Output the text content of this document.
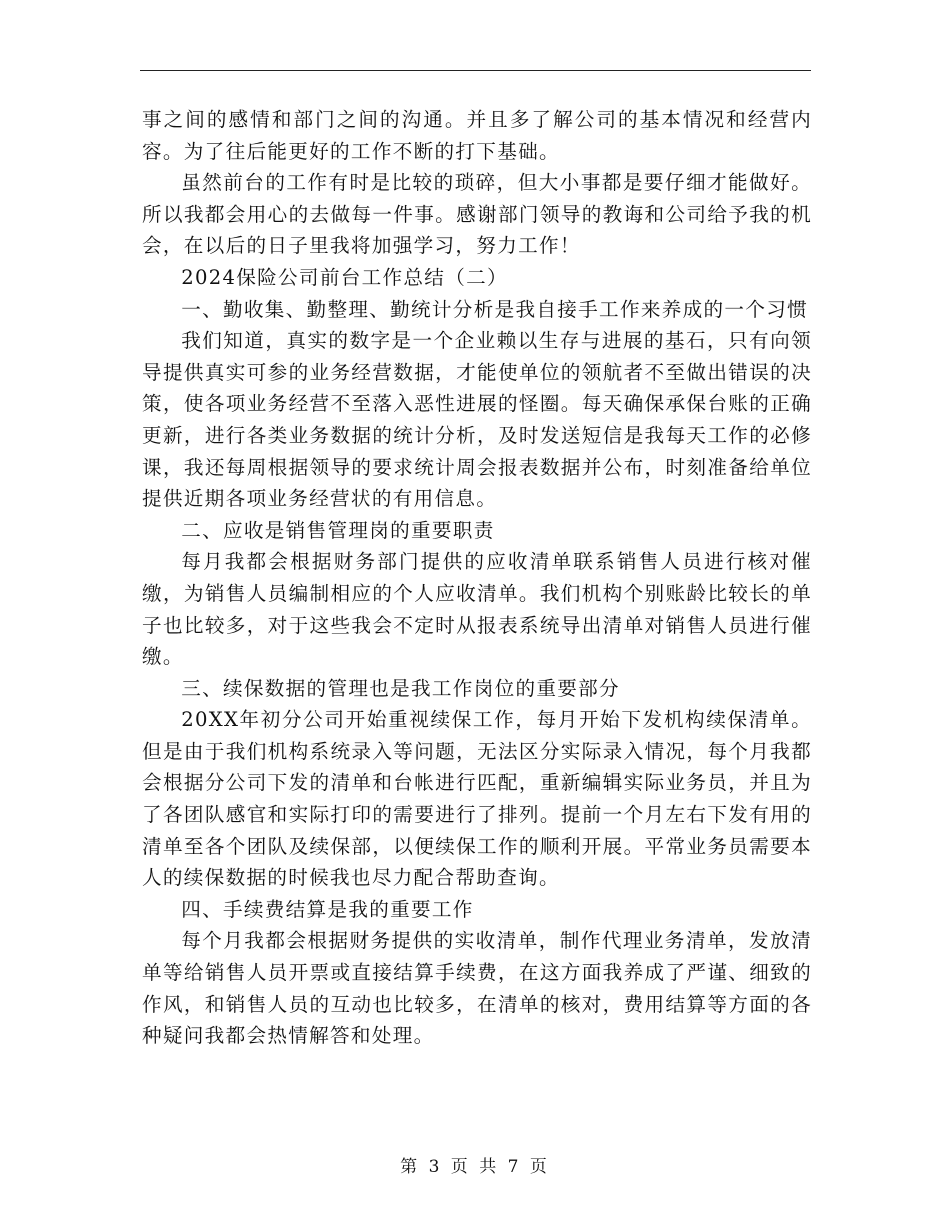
事之间的感情和部门之间的沟通。并且多了解公司的基本情况和经营内容。为了往后能更好的工作不断的打下基础。

虽然前台的工作有时是比较的琐碎，但大小事都是要仔细才能做好。所以我都会用心的去做每一件事。感谢部门领导的教诲和公司给予我的机会，在以后的日子里我将加强学习，努力工作！

2024保险公司前台工作总结（二）

一、勤收集、勤整理、勤统计分析是我自接手工作来养成的一个习惯

我们知道，真实的数字是一个企业赖以生存与进展的基石，只有向领导提供真实可参的业务经营数据，才能使单位的领航者不至做出错误的决策，使各项业务经营不至落入恶性进展的怪圈。每天确保承保台账的正确更新，进行各类业务数据的统计分析，及时发送短信是我每天工作的必修课，我还每周根据领导的要求统计周会报表数据并公布，时刻准备给单位提供近期各项业务经营状的有用信息。

二、应收是销售管理岗的重要职责

每月我都会根据财务部门提供的应收清单联系销售人员进行核对催缴，为销售人员编制相应的个人应收清单。我们机构个别账龄比较长的单子也比较多，对于这些我会不定时从报表系统导出清单对销售人员进行催缴。

三、续保数据的管理也是我工作岗位的重要部分

20XX年初分公司开始重视续保工作，每月开始下发机构续保清单。但是由于我们机构系统录入等问题，无法区分实际录入情况，每个月我都会根据分公司下发的清单和台帐进行匹配，重新编辑实际业务员，并且为了各团队感官和实际打印的需要进行了排列。提前一个月左右下发有用的清单至各个团队及续保部，以便续保工作的顺利开展。平常业务员需要本人的续保数据的时候我也尽力配合帮助查询。

四、手续费结算是我的重要工作

每个月我都会根据财务提供的实收清单，制作代理业务清单，发放清单等给销售人员开票或直接结算手续费，在这方面我养成了严谨、细致的作风，和销售人员的互动也比较多，在清单的核对，费用结算等方面的各种疑问我都会热情解答和处理。

第 3 页 共 7 页
